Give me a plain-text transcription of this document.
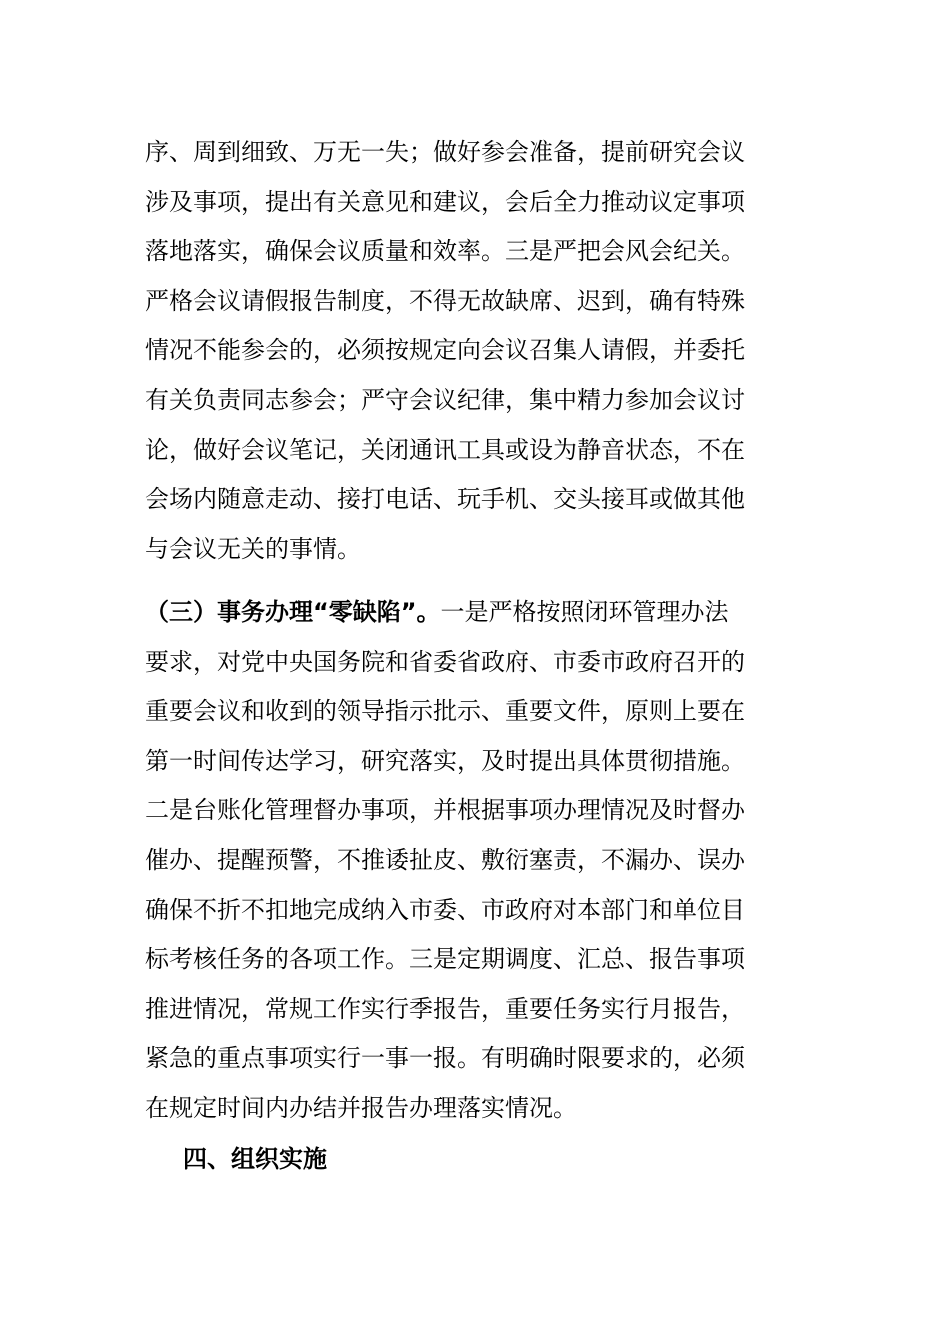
序、周到细致、万无一失；做好参会准备，提前研究会议
涉及事项，提出有关意见和建议，会后全力推动议定事项
落地落实，确保会议质量和效率。三是严把会风会纪关。
严格会议请假报告制度，不得无故缺席、迟到，确有特殊
情况不能参会的，必须按规定向会议召集人请假，并委托
有关负责同志参会；严守会议纪律，集中精力参加会议讨
论，做好会议笔记，关闭通讯工具或设为静音状态，不在
会场内随意走动、接打电话、玩手机、交头接耳或做其他
与会议无关的事情。

（三）事务办理“零缺陷”。一是严格按照闭环管理办法
要求，对党中央国务院和省委省政府、市委市政府召开的
重要会议和收到的领导指示批示、重要文件，原则上要在
第一时间传达学习，研究落实，及时提出具体贯彻措施。
二是台账化管理督办事项，并根据事项办理情况及时督办
催办、提醒预警，不推诿扯皮、敷衍塞责，不漏办、误办
确保不折不扣地完成纳入市委、市政府对本部门和单位目
标考核任务的各项工作。三是定期调度、汇总、报告事项
推进情况，常规工作实行季报告，重要任务实行月报告，
紧急的重点事项实行一事一报。有明确时限要求的，必须
在规定时间内办结并报告办理落实情况。

四、组织实施
